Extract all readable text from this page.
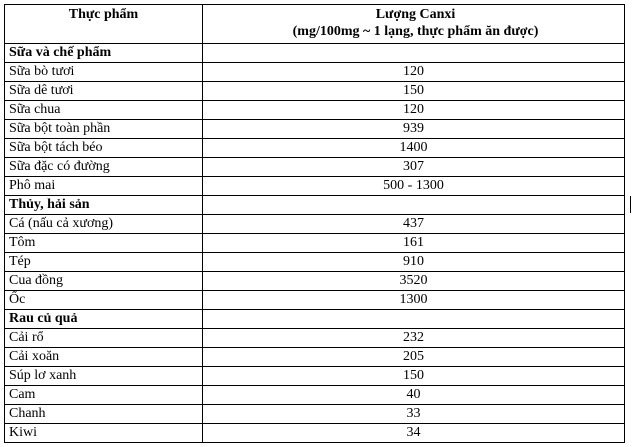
Thực phẩm	Lượng Canxi
(mg/100mg ~ 1 lạng, thực phẩm ăn được)

Sữa và chế phẩm	
Sữa bò tươi	120
Sữa dê tươi	150
Sữa chua	120
Sữa bột toàn phần	939
Sữa bột tách béo	1400
Sữa đặc có đường	307
Phô mai	500 - 1300
Thủy, hải sản	
Cá (nấu cả xương)	437
Tôm	161
Tép	910
Cua đồng	3520
Ốc	1300
Rau củ quả	
Cải rổ	232
Cải xoăn	205
Súp lơ xanh	150
Cam	40
Chanh	33
Kiwi	34
